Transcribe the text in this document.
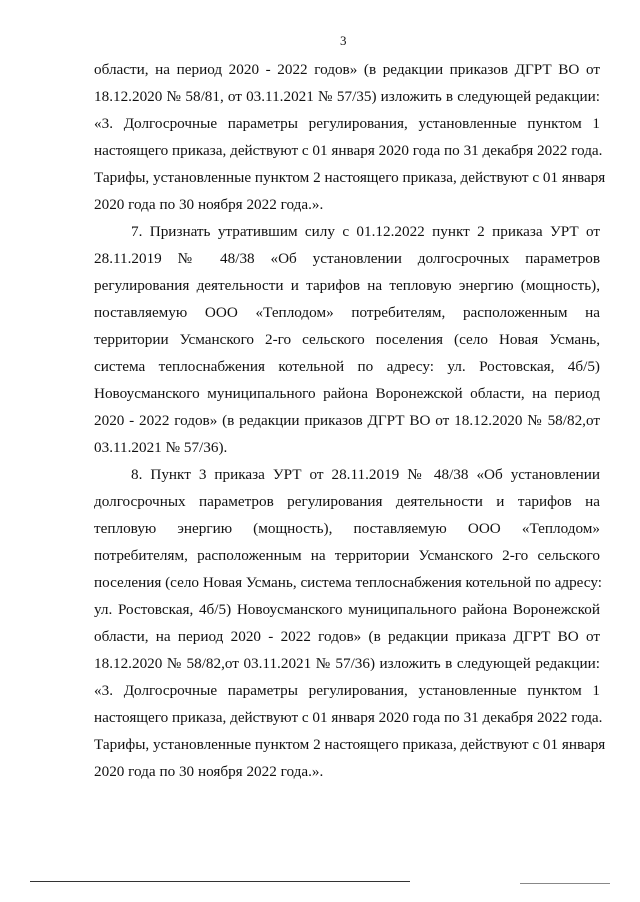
3
области, на период 2020 - 2022 годов» (в редакции приказов ДГРТ ВО от
18.12.2020 № 58/81, от 03.11.2021 № 57/35) изложить в следующей редакции:
«3. Долгосрочные параметры регулирования, установленные пунктом 1
настоящего приказа, действуют с 01 января 2020 года по 31 декабря 2022 года.
Тарифы, установленные пунктом 2 настоящего приказа, действуют с 01 января
2020 года по 30 ноября 2022 года.».
7. Признать утратившим силу с 01.12.2022 пункт 2 приказа УРТ от
28.11.2019 № 48/38 «Об установлении долгосрочных параметров
регулирования деятельности и тарифов на тепловую энергию (мощность),
поставляемую ООО «Теплодом» потребителям, расположенным на
территории Усманского 2-го сельского поселения (село Новая Усмань,
система теплоснабжения котельной по адресу: ул. Ростовская, 4б/5)
Новоусманского муниципального района Воронежской области, на период
2020 - 2022 годов» (в редакции приказов ДГРТ ВО от 18.12.2020 № 58/82,от
03.11.2021 № 57/36).
8. Пункт 3 приказа УРТ от 28.11.2019 № 48/38 «Об установлении
долгосрочных параметров регулирования деятельности и тарифов на
тепловую энергию (мощность), поставляемую ООО «Теплодом»
потребителям, расположенным на территории Усманского 2-го сельского
поселения (село Новая Усмань, система теплоснабжения котельной по адресу:
ул. Ростовская, 4б/5) Новоусманского муниципального района Воронежской
области, на период 2020 - 2022 годов» (в редакции приказа ДГРТ ВО от
18.12.2020 № 58/82,от 03.11.2021 № 57/36) изложить в следующей редакции:
«3. Долгосрочные параметры регулирования, установленные пунктом 1
настоящего приказа, действуют с 01 января 2020 года по 31 декабря 2022 года.
Тарифы, установленные пунктом 2 настоящего приказа, действуют с 01 января
2020 года по 30 ноября 2022 года.».
